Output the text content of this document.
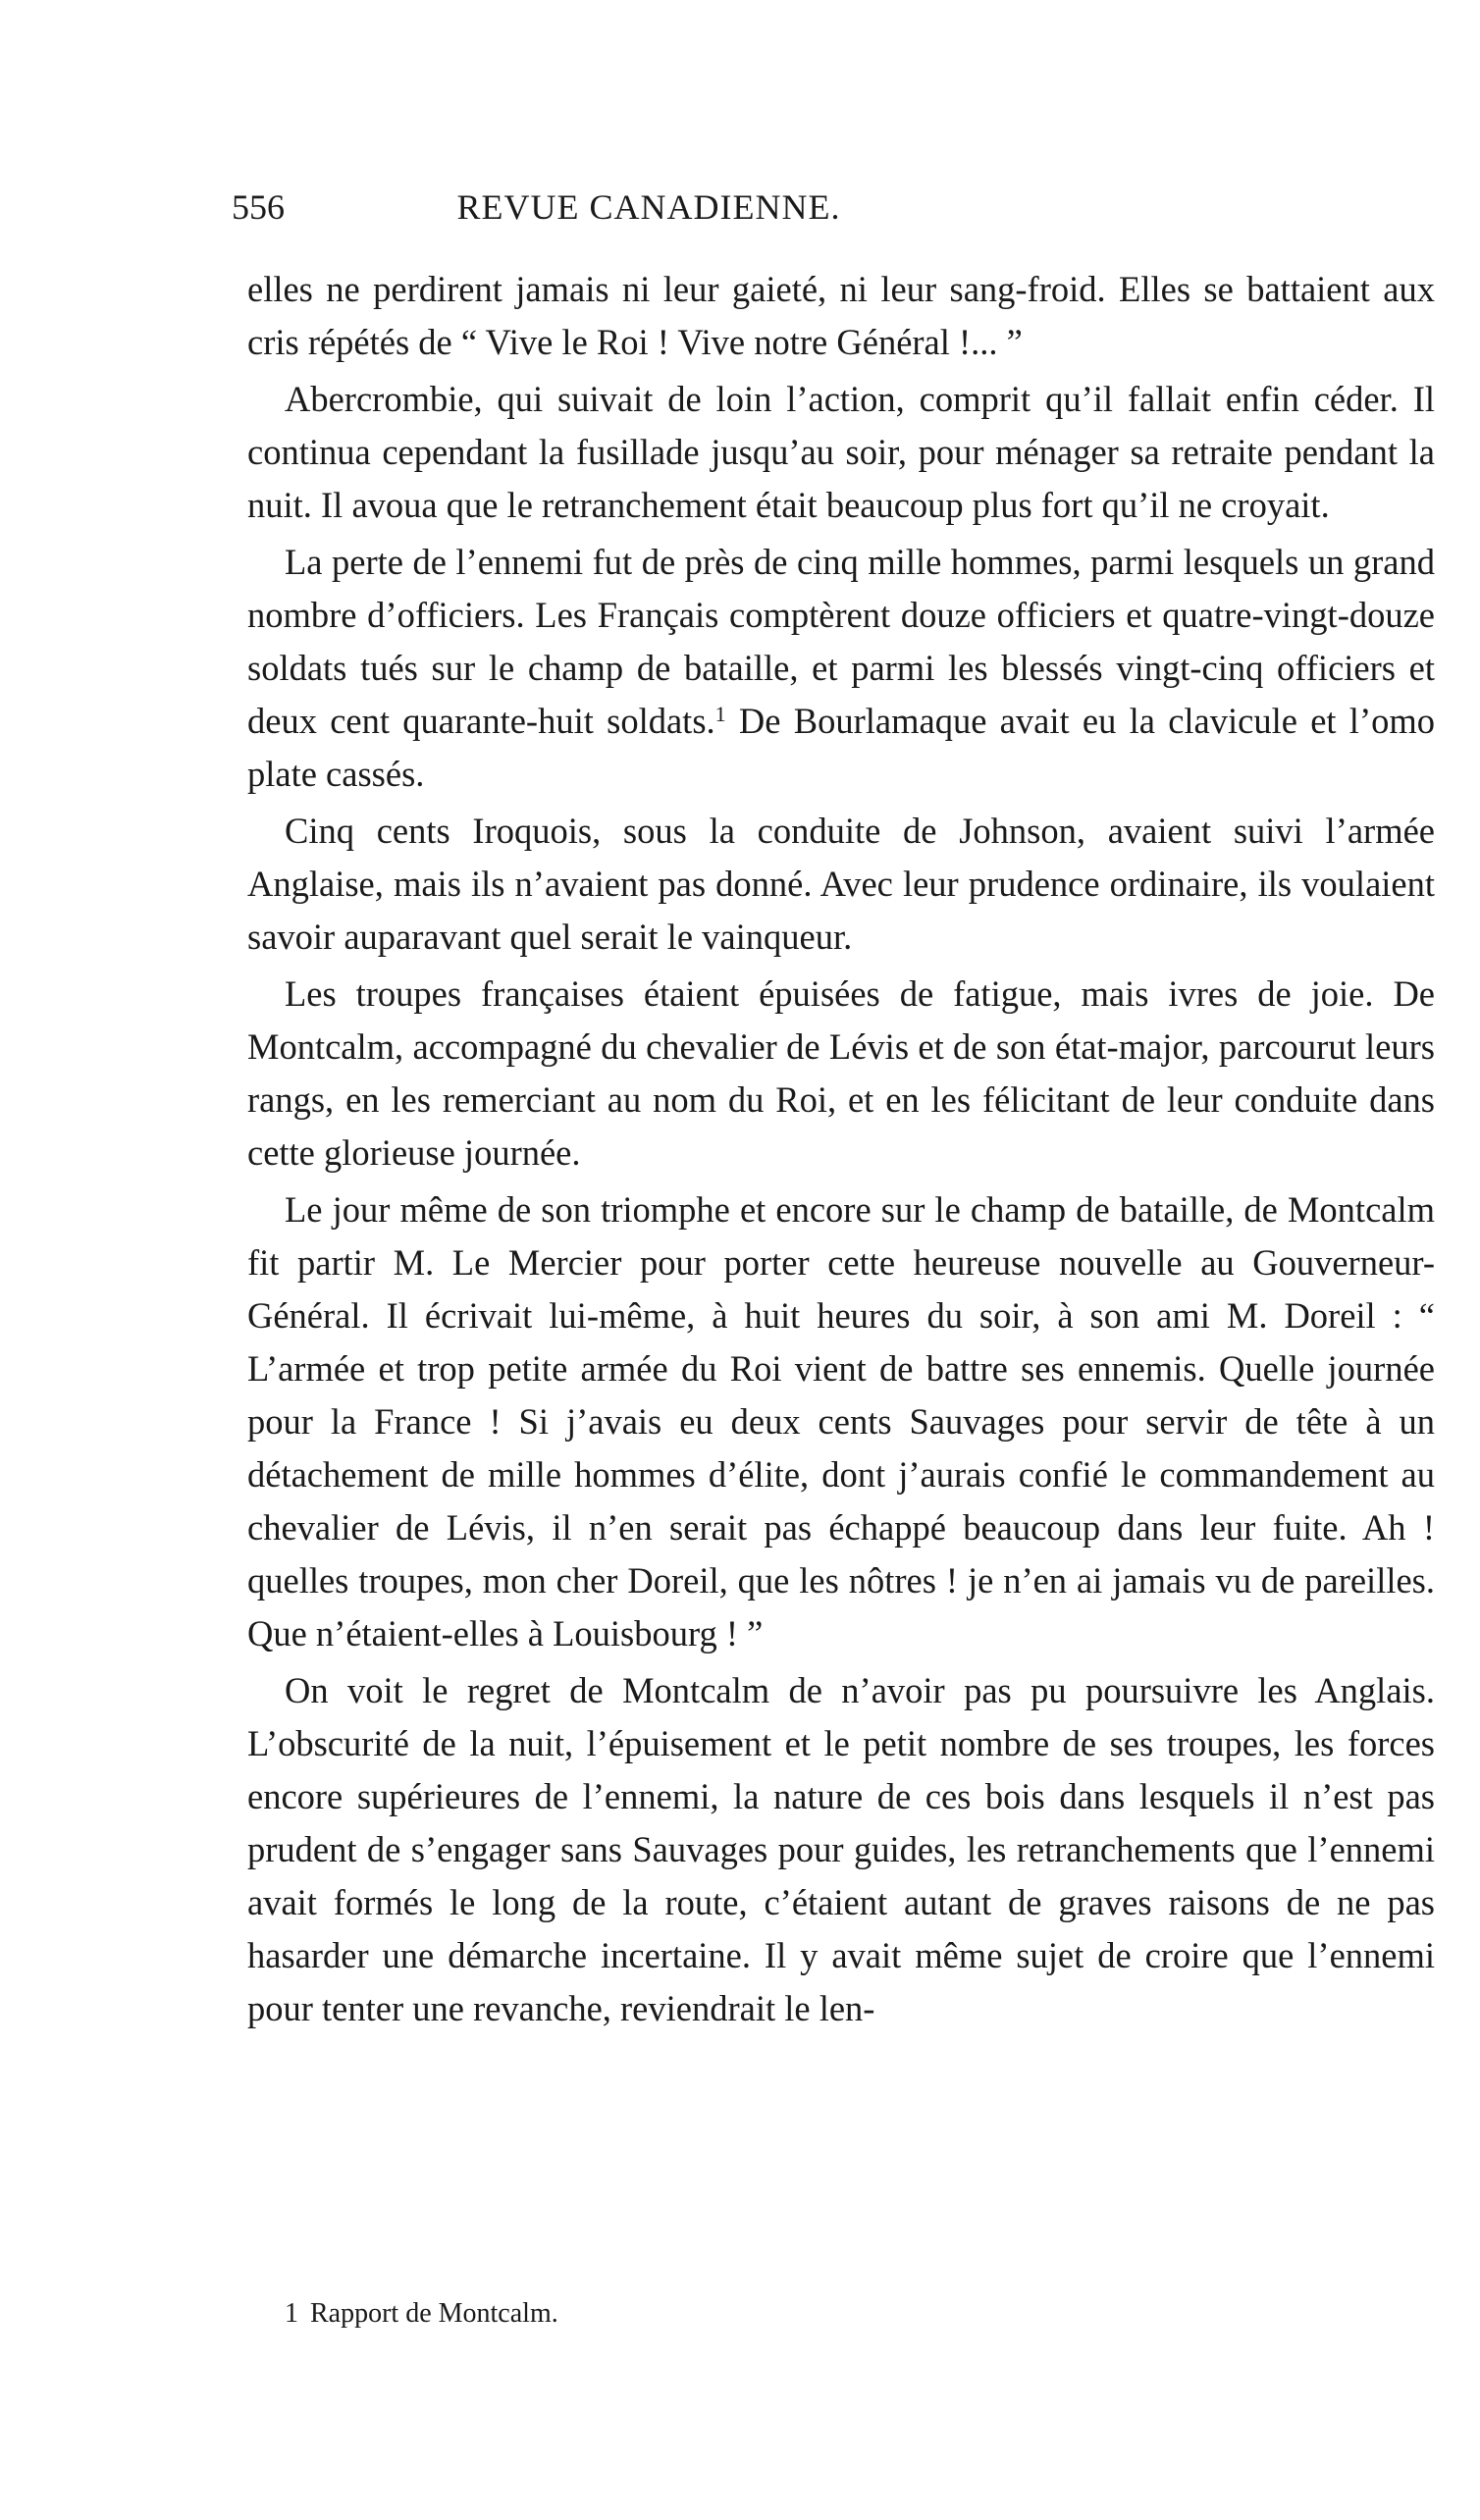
556	REVUE CANADIENNE.

elles ne perdirent jamais ni leur gaieté, ni leur sang-froid. Elles se battaient aux cris répétés de “ Vive le Roi ! Vive notre Général !... ”

Abercrombie, qui suivait de loin l’action, comprit qu’il fallait enfin céder. Il continua cependant la fusillade jusqu’au soir, pour ménager sa retraite pendant la nuit. Il avoua que le retranchement était beaucoup plus fort qu’il ne croyait.

La perte de l’ennemi fut de près de cinq mille hommes, parmi lesquels un grand nombre d’officiers. Les Français comptèrent douze officiers et quatre-vingt-douze soldats tués sur le champ de bataille, et parmi les blessés vingt-cinq officiers et deux cent quarante-huit soldats.$^1$ De Bourlamaque avait eu la clavicule et l’omo plate cassés.

Cinq cents Iroquois, sous la conduite de Johnson, avaient suivi l’armée Anglaise, mais ils n’avaient pas donné. Avec leur prudence ordinaire, ils voulaient savoir auparavant quel serait le vainqueur.

Les troupes françaises étaient épuisées de fatigue, mais ivres de joie. De Montcalm, accompagné du chevalier de Lévis et de son état-major, parcourut leurs rangs, en les remerciant au nom du Roi, et en les félicitant de leur conduite dans cette glorieuse journée.

Le jour même de son triomphe et encore sur le champ de bataille, de Montcalm fit partir M. Le Mercier pour porter cette heureuse nouvelle au Gouverneur-Général. Il écrivait lui-même, à huit heures du soir, à son ami M. Doreil : “ L’armée et trop petite armée du Roi vient de battre ses ennemis. Quelle journée pour la France ! Si j’avais eu deux cents Sauvages pour servir de tête à un détachement de mille hommes d’élite, dont j’aurais confié le commandement au chevalier de Lévis, il n’en serait pas échappé beaucoup dans leur fuite. Ah ! quelles troupes, mon cher Doreil, que les nôtres ! je n’en ai jamais vu de pareilles. Que n’étaient-elles à Louisbourg ! ”

On voit le regret de Montcalm de n’avoir pas pu poursuivre les Anglais. L’obscurité de la nuit, l’épuisement et le petit nombre de ses troupes, les forces encore supérieures de l’ennemi, la nature de ces bois dans lesquels il n’est pas prudent de s’engager sans Sauvages pour guides, les retranchements que l’ennemi avait formés le long de la route, c’étaient autant de graves raisons de ne pas hasarder une démarche incertaine. Il y avait même sujet de croire que l’ennemi pour tenter une revanche, reviendrait le len-

1 Rapport de Montcalm.
